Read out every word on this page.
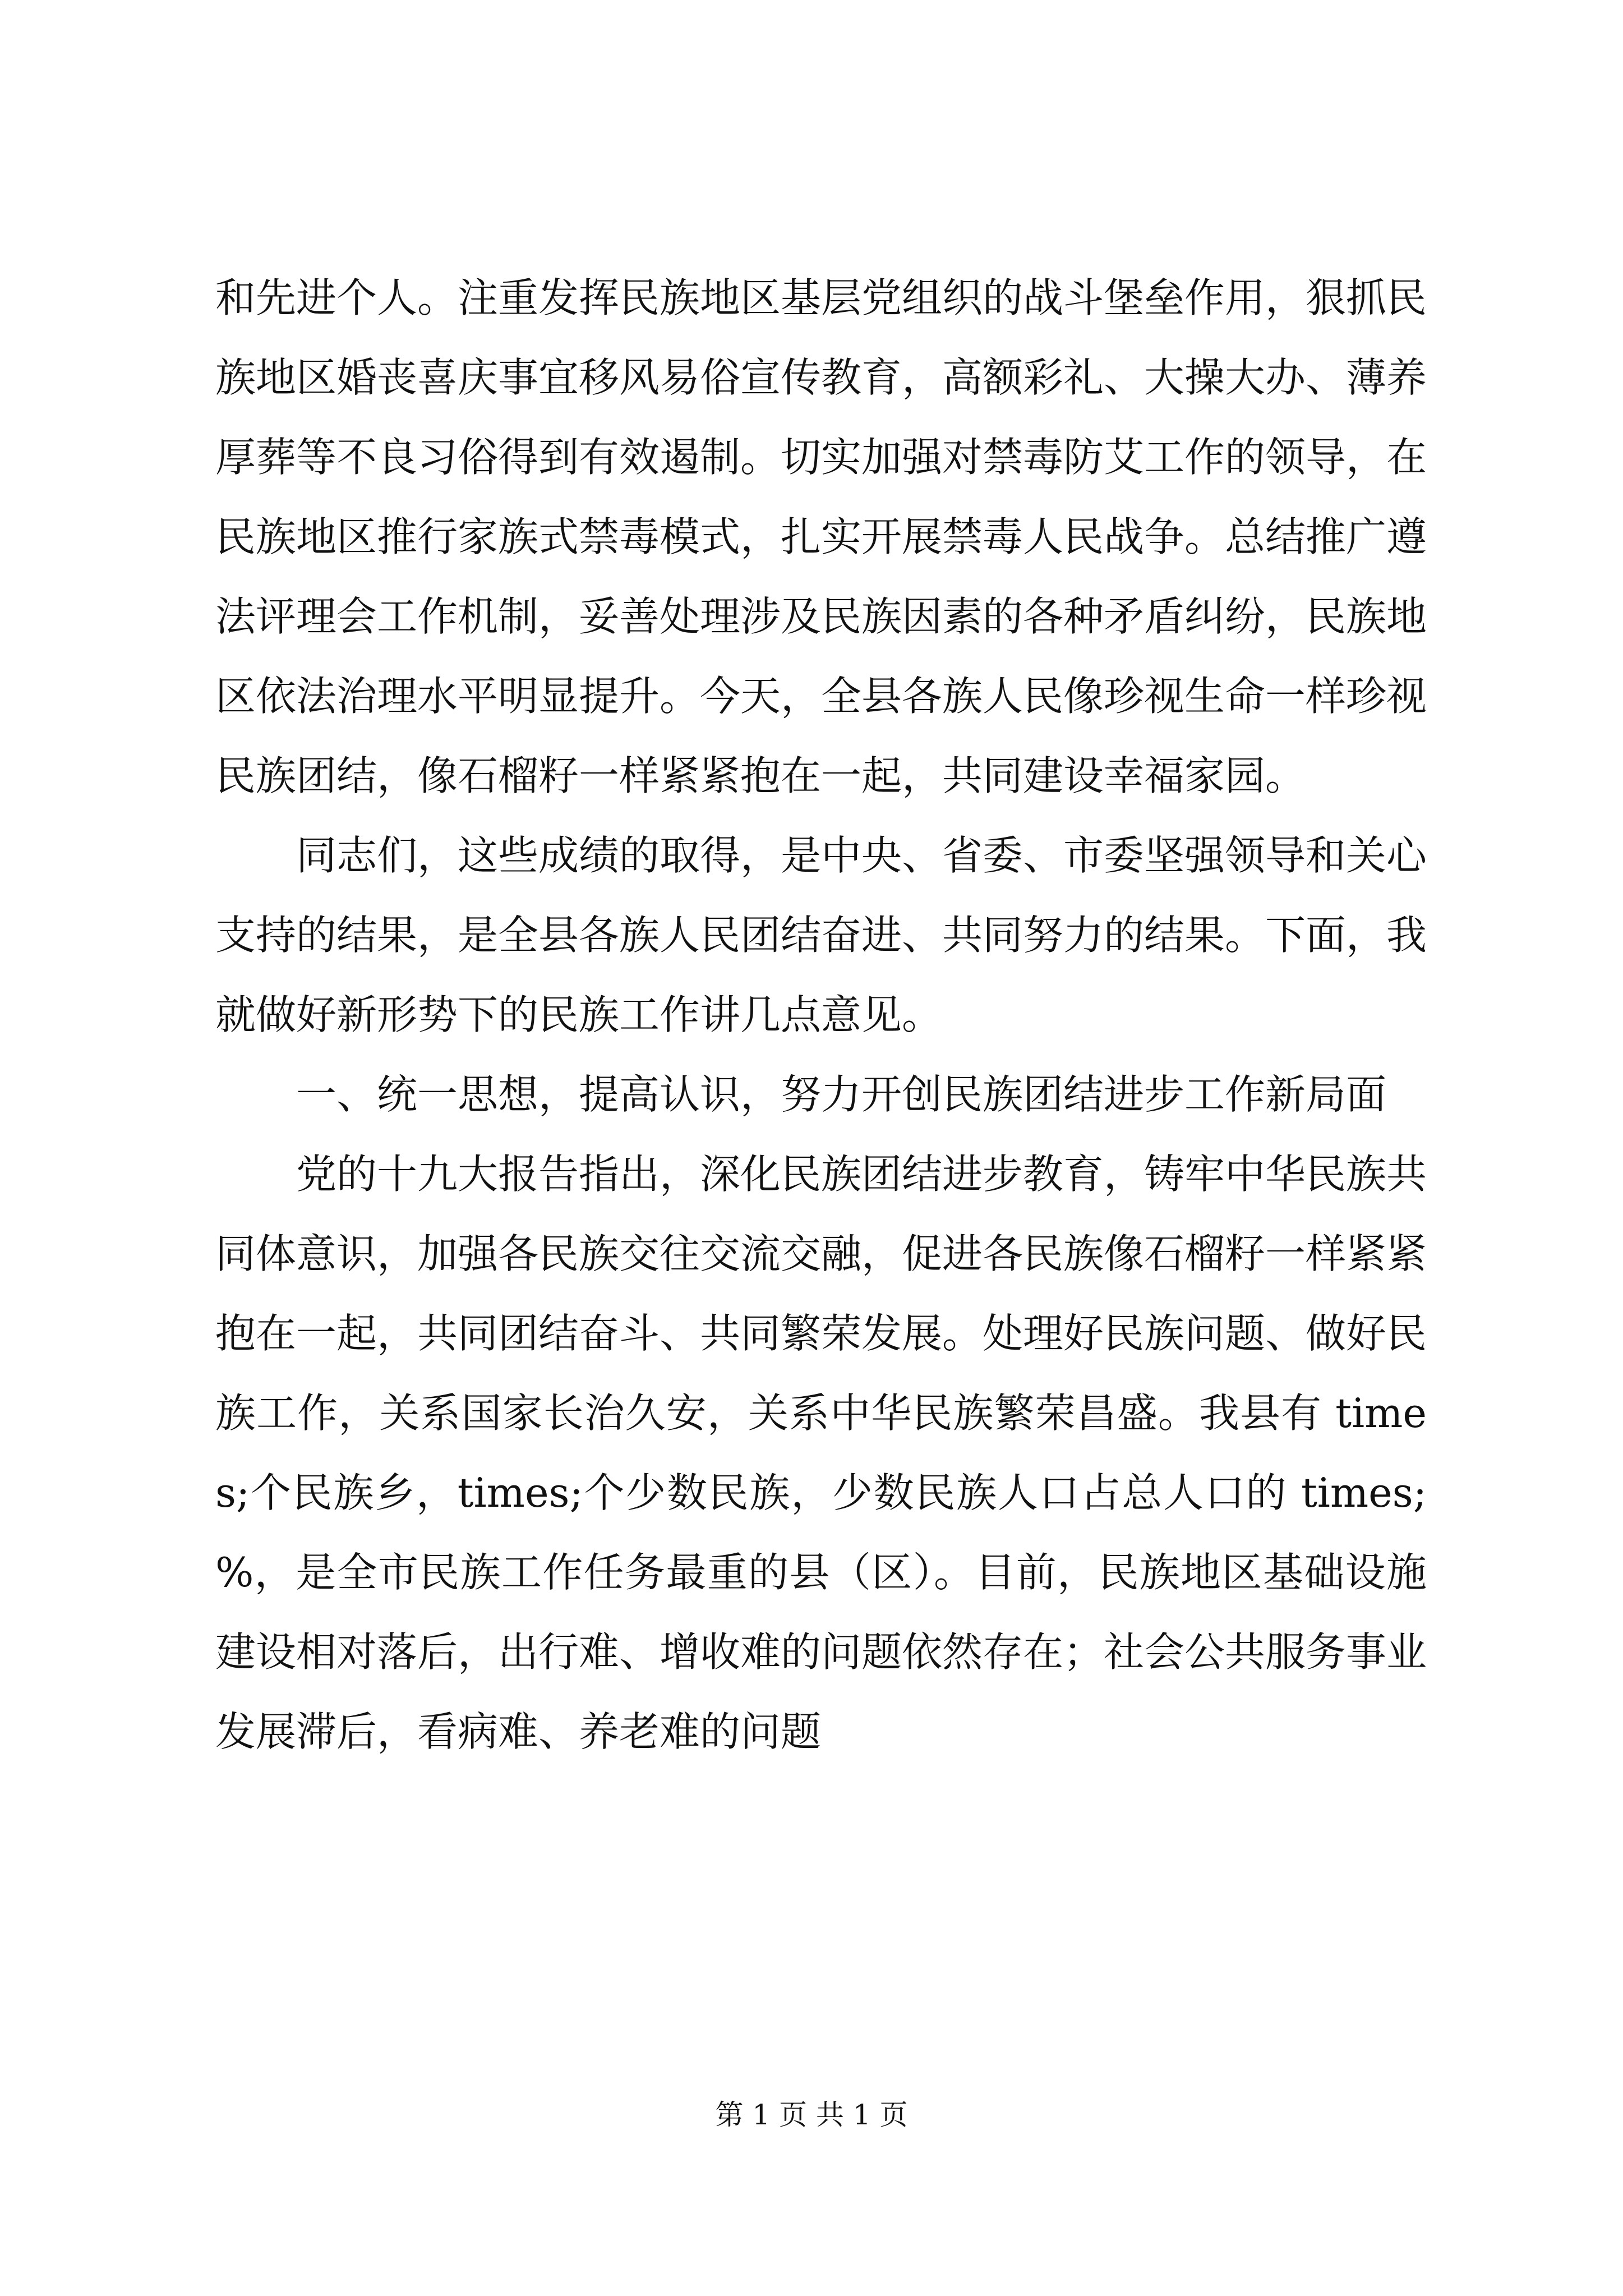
和先进个人。注重发挥民族地区基层党组织的战斗堡垒作用，狠抓民族地区婚丧喜庆事宜移风易俗宣传教育，高额彩礼、大操大办、薄养厚葬等不良习俗得到有效遏制。切实加强对禁毒防艾工作的领导，在民族地区推行家族式禁毒模式，扎实开展禁毒人民战争。总结推广遵法评理会工作机制，妥善处理涉及民族因素的各种矛盾纠纷，民族地区依法治理水平明显提升。今天，全县各族人民像珍视生命一样珍视民族团结，像石榴籽一样紧紧抱在一起，共同建设幸福家园。

同志们，这些成绩的取得，是中央、省委、市委坚强领导和关心支持的结果，是全县各族人民团结奋进、共同努力的结果。下面，我就做好新形势下的民族工作讲几点意见。

一、统一思想，提高认识，努力开创民族团结进步工作新局面

党的十九大报告指出，深化民族团结进步教育，铸牢中华民族共同体意识，加强各民族交往交流交融，促进各民族像石榴籽一样紧紧抱在一起，共同团结奋斗、共同繁荣发展。处理好民族问题、做好民族工作，关系国家长治久安，关系中华民族繁荣昌盛。我县有 times;个民族乡，times;个少数民族，少数民族人口占总人口的 times;%，是全市民族工作任务最重的县（区）。目前，民族地区基础设施建设相对落后，出行难、增收难的问题依然存在；社会公共服务事业发展滞后，看病难、养老难的问题

第 1 页 共 1 页
